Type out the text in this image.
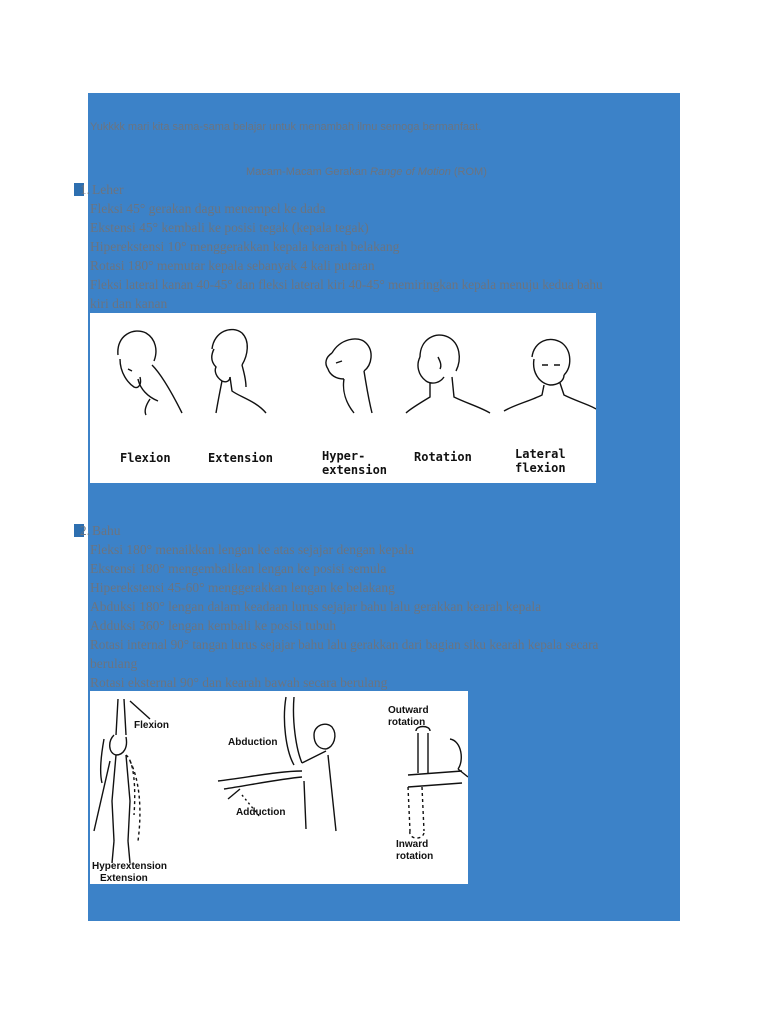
Yukkkk mari kita sama-sama belajar untuk menambah ilmu semoga bermanfaat.
Macam-Macam Gerakan Range of Motion (ROM)
1. Leher
Fleksi 45° gerakan dagu menempel ke dada
Ekstensi 45° kembali ke posisi tegak (kepala tegak)
Hiperekstensi 10° menggerakkan kepala kearah belakang
Rotasi 180° memutar kepala sebanyak 4 kali putaran
Fleksi lateral kanan 40-45° dan fleksi lateral kiri 40-45° memiringkan kepala menuju kedua bahu
kiri dan kanan
Flexion	Extension	Hyper-
extension
Rotation	Lateral
flexion
2. Bahu
Fleksi 180° menaikkan lengan ke atas sejajar dengan kepala
Ekstensi 180° mengembalikan lengan ke posisi semula
Hiperekstensi 45-60° menggerakkan lengan ke belakang
Abduksi 180° lengan dalam keadaan lurus sejajar bahu lalu gerakkan kearah kepala
Adduksi 360° lengan kembali ke posisi tubuh
Rotasi internal 90° tangan lurus sejajar bahu lalu gerakkan dari bagian siku kearah kepala secara
berulang
Rotasi eksternal 90° dan kearah bawah secara berulang
Flexion
Hyperextension
Extension
Abduction
Adduction
Outward
rotation
Inward
rotation
